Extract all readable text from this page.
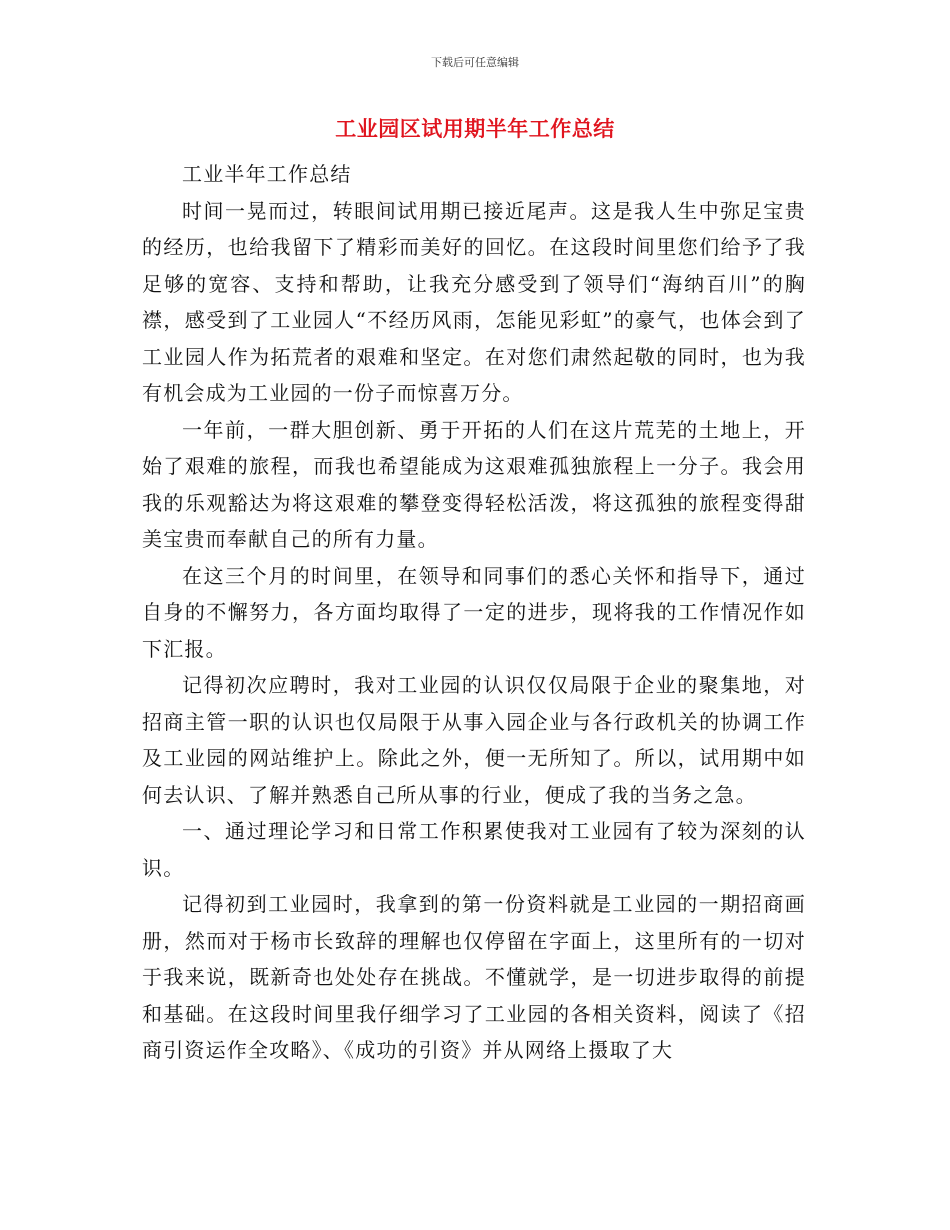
下载后可任意编辑
工业园区试用期半年工作总结

工业半年工作总结

时间一晃而过，转眼间试用期已接近尾声。这是我人生中弥足宝贵的经历，也给我留下了精彩而美好的回忆。在这段时间里您们给予了我足够的宽容、支持和帮助，让我充分感受到了领导们“海纳百川”的胸襟，感受到了工业园人“不经历风雨，怎能见彩虹”的豪气，也体会到了工业园人作为拓荒者的艰难和坚定。在对您们肃然起敬的同时，也为我有机会成为工业园的一份子而惊喜万分。

一年前，一群大胆创新、勇于开拓的人们在这片荒芜的土地上，开始了艰难的旅程，而我也希望能成为这艰难孤独旅程上一分子。我会用我的乐观豁达为将这艰难的攀登变得轻松活泼，将这孤独的旅程变得甜美宝贵而奉献自己的所有力量。

在这三个月的时间里，在领导和同事们的悉心关怀和指导下，通过自身的不懈努力，各方面均取得了一定的进步，现将我的工作情况作如下汇报。

记得初次应聘时，我对工业园的认识仅仅局限于企业的聚集地，对招商主管一职的认识也仅局限于从事入园企业与各行政机关的协调工作及工业园的网站维护上。除此之外，便一无所知了。所以，试用期中如何去认识、了解并熟悉自己所从事的行业，便成了我的当务之急。

一、通过理论学习和日常工作积累使我对工业园有了较为深刻的认识。

记得初到工业园时，我拿到的第一份资料就是工业园的一期招商画册，然而对于杨市长致辞的理解也仅停留在字面上，这里所有的一切对于我来说，既新奇也处处存在挑战。不懂就学，是一切进步取得的前提和基础。在这段时间里我仔细学习了工业园的各相关资料，阅读了《招商引资运作全攻略》、《成功的引资》并从网络上摄取了大
